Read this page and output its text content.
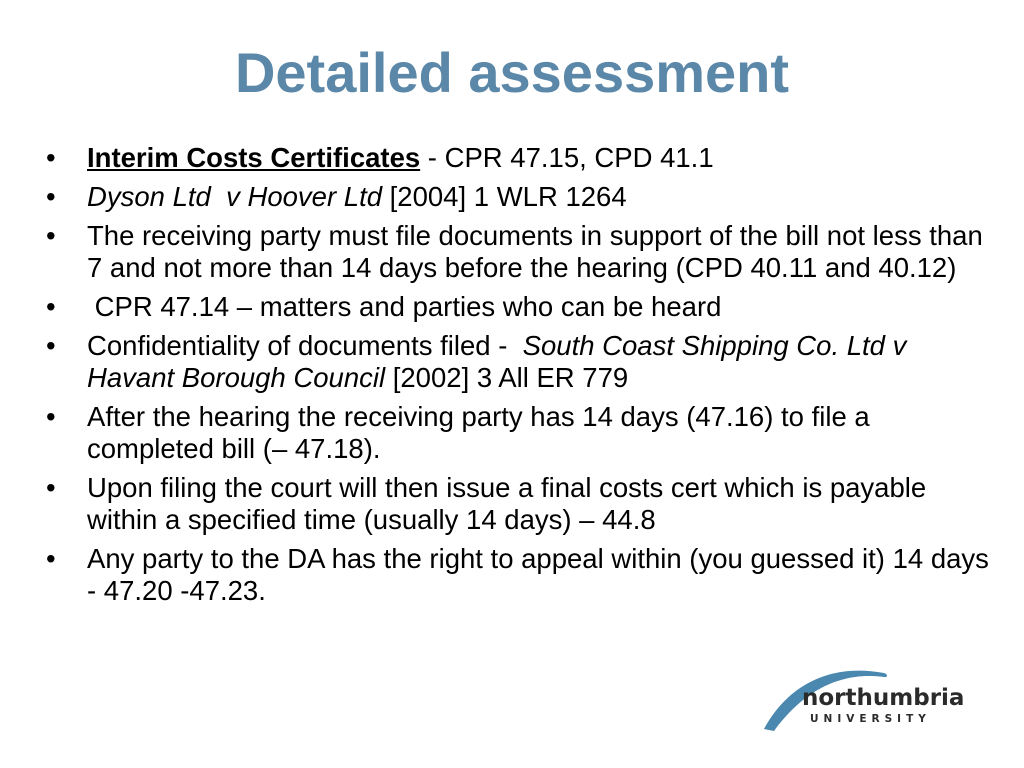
Detailed assessment
• Interim Costs Certificates - CPR 47.15, CPD 41.1
• Dyson Ltd  v Hoover Ltd [2004] 1 WLR 1264
• The receiving party must file documents in support of the bill not less than 7 and not more than 14 days before the hearing (CPD 40.11 and 40.12)
• CPR 47.14 – matters and parties who can be heard
• Confidentiality of documents filed -  South Coast Shipping Co. Ltd v Havant Borough Council [2002] 3 All ER 779
• After the hearing the receiving party has 14 days (47.16) to file a completed bill (– 47.18).
• Upon filing the court will then issue a final costs cert which is payable within a specified time (usually 14 days) – 44.8
• Any party to the DA has the right to appeal within (you guessed it) 14 days - 47.20 -47.23.
northumbria
UNIVERSITY
